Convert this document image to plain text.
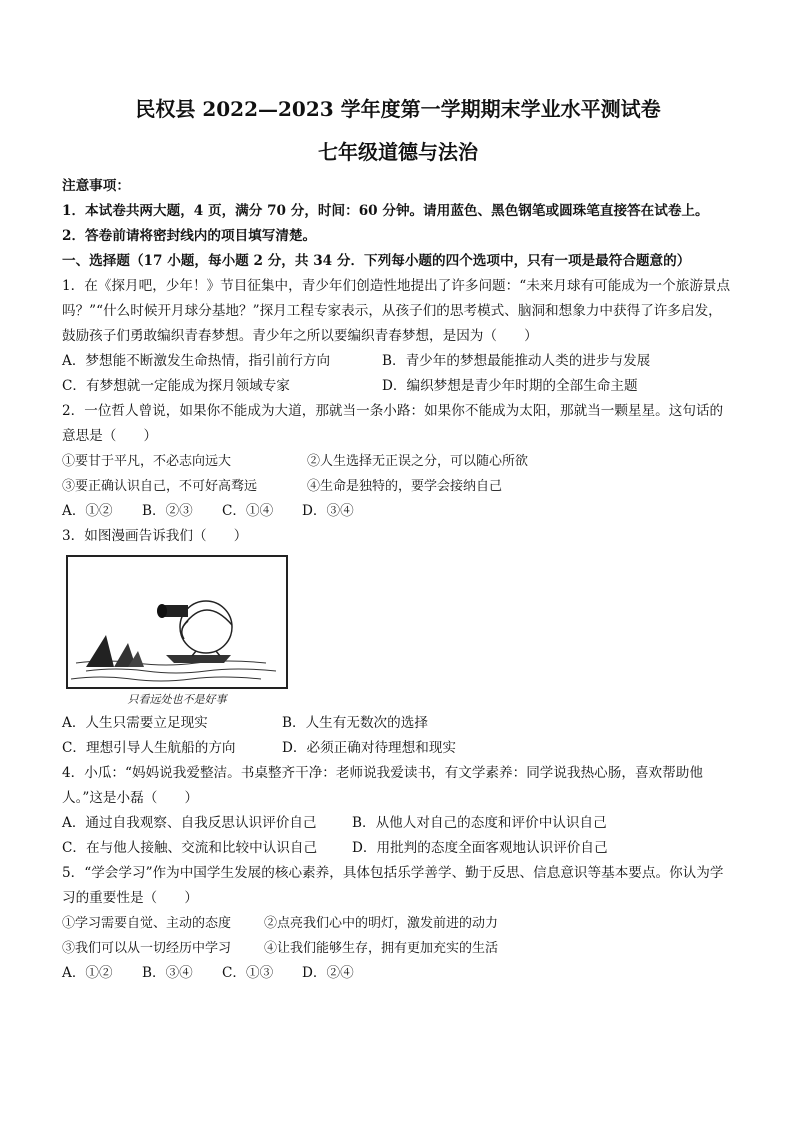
民权县 2022—2023 学年度第一学期期末学业水平测试卷
七年级道德与法治

注意事项：

1．本试卷共两大题，4 页，满分 70 分，时间：60 分钟。请用蓝色、黑色钢笔或圆珠笔直接答在试卷上。

2．答卷前请将密封线内的项目填写清楚。

一、选择题（17 小题，每小题 2 分，共 34 分．下列每小题的四个选项中，只有一项是最符合题意的）

1．在《探月吧，少年！》节目征集中，青少年们创造性地提出了许多问题：“未来月球有可能成为一个旅游景点吗？”“什么时候开月球分基地？”探月工程专家表示，从孩子们的思考模式、脑洞和想象力中获得了许多启发，鼓励孩子们勇敢编织青春梦想。青少年之所以要编织青春梦想，是因为（　　）

A．梦想能不断激发生命热情，指引前行方向	B．青少年的梦想最能推动人类的进步与发展
C．有梦想就一定能成为探月领域专家	D．编织梦想是青少年时期的全部生命主题

2．一位哲人曾说，如果你不能成为大道，那就当一条小路：如果你不能成为太阳，那就当一颗星星。这句话的意思是（　　）

①要甘于平凡，不必志向远大	②人生选择无正误之分，可以随心所欲
③要正确认识自己，不可好高骛远	④生命是独特的，要学会接纳自己
A．①②	B．②③	C．①④	D．③④

3．如图漫画告诉我们（　　）

只看远处也不是好事
A．人生只需要立足现实	B．人生有无数次的选择
C．理想引导人生航船的方向	D．必须正确对待理想和现实

4．小瓜：“妈妈说我爱整洁。书桌整齐干净：老师说我爱读书，有文学素养：同学说我热心肠，喜欢帮助他人。”这是小磊（　　）

A．通过自我观察、自我反思认识评价自己	B．从他人对自己的态度和评价中认识自己
C．在与他人接触、交流和比较中认识自己	D．用批判的态度全面客观地认识评价自己

5．“学会学习”作为中国学生发展的核心素养，具体包括乐学善学、勤于反思、信息意识等基本要点。你认为学习的重要性是（　　）

①学习需要自觉、主动的态度	②点亮我们心中的明灯，激发前进的动力
③我们可以从一切经历中学习	④让我们能够生存，拥有更加充实的生活
A．①②	B．③④	C．①③	D．②④
